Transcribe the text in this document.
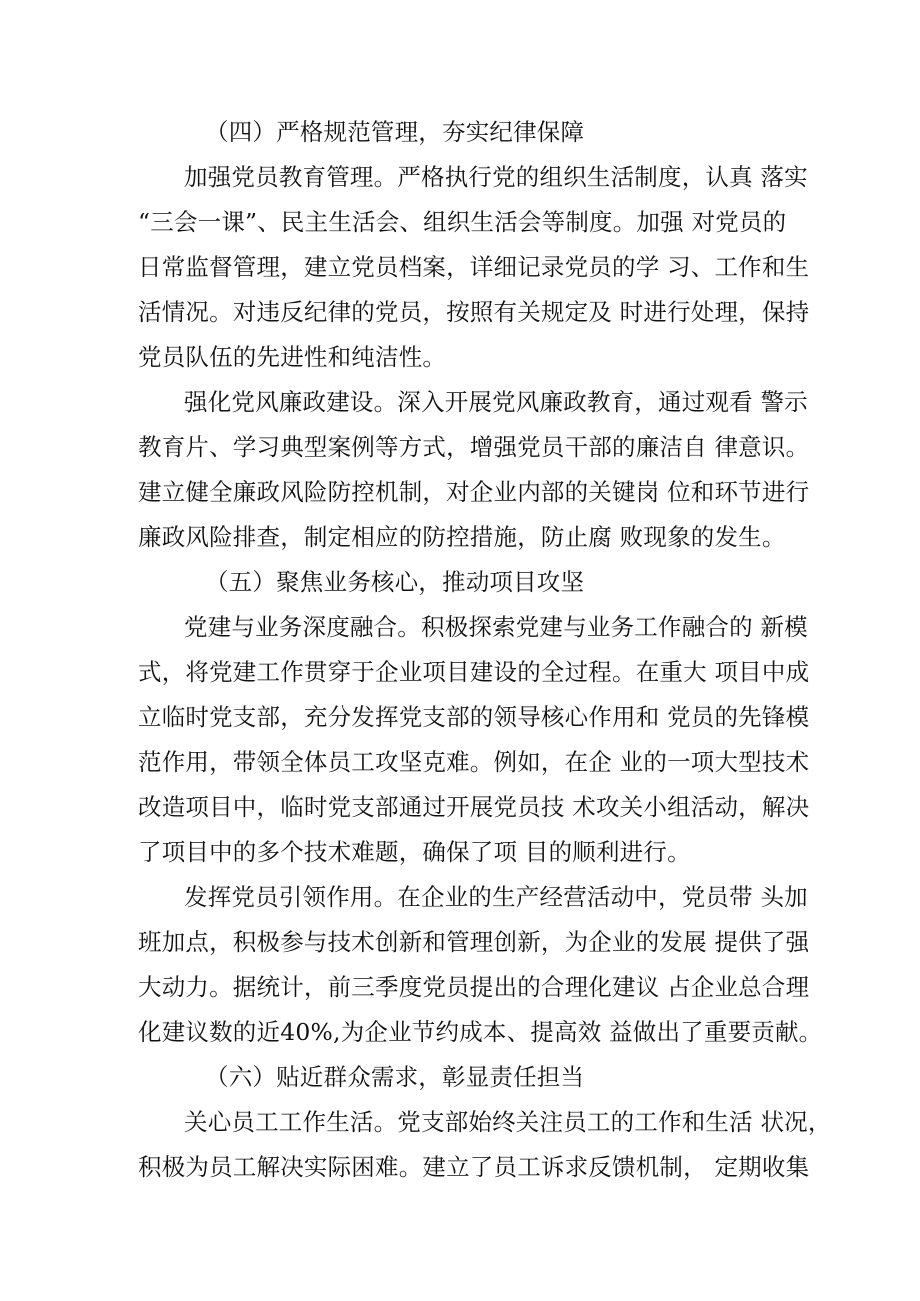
（四）严格规范管理，夯实纪律保障
加强党员教育管理。严格执行党的组织生活制度，认真 落实
“三会一课”、民主生活会、组织生活会等制度。加强 对党员的
日常监督管理，建立党员档案，详细记录党员的学 习、工作和生
活情况。对违反纪律的党员，按照有关规定及 时进行处理，保持
党员队伍的先进性和纯洁性。
强化党风廉政建设。深入开展党风廉政教育，通过观看 警示
教育片、学习典型案例等方式，增强党员干部的廉洁自 律意识。
建立健全廉政风险防控机制，对企业内部的关键岗 位和环节进行
廉政风险排查，制定相应的防控措施，防止腐 败现象的发生。
（五）聚焦业务核心，推动项目攻坚
党建与业务深度融合。积极探索党建与业务工作融合的 新模
式，将党建工作贯穿于企业项目建设的全过程。在重大 项目中成
立临时党支部，充分发挥党支部的领导核心作用和 党员的先锋模
范作用，带领全体员工攻坚克难。例如，在企 业的一项大型技术
改造项目中，临时党支部通过开展党员技 术攻关小组活动，解决
了项目中的多个技术难题，确保了项 目的顺利进行。
发挥党员引领作用。在企业的生产经营活动中，党员带 头加
班加点，积极参与技术创新和管理创新，为企业的发展 提供了强
大动力。据统计，前三季度党员提出的合理化建议 占企业总合理
化建议数的近40%,为企业节约成本、提高效 益做出了重要贡献。
（六）贴近群众需求，彰显责任担当
关心员工工作生活。党支部始终关注员工的工作和生活 状况，
积极为员工解决实际困难。建立了员工诉求反馈机制， 定期收集
